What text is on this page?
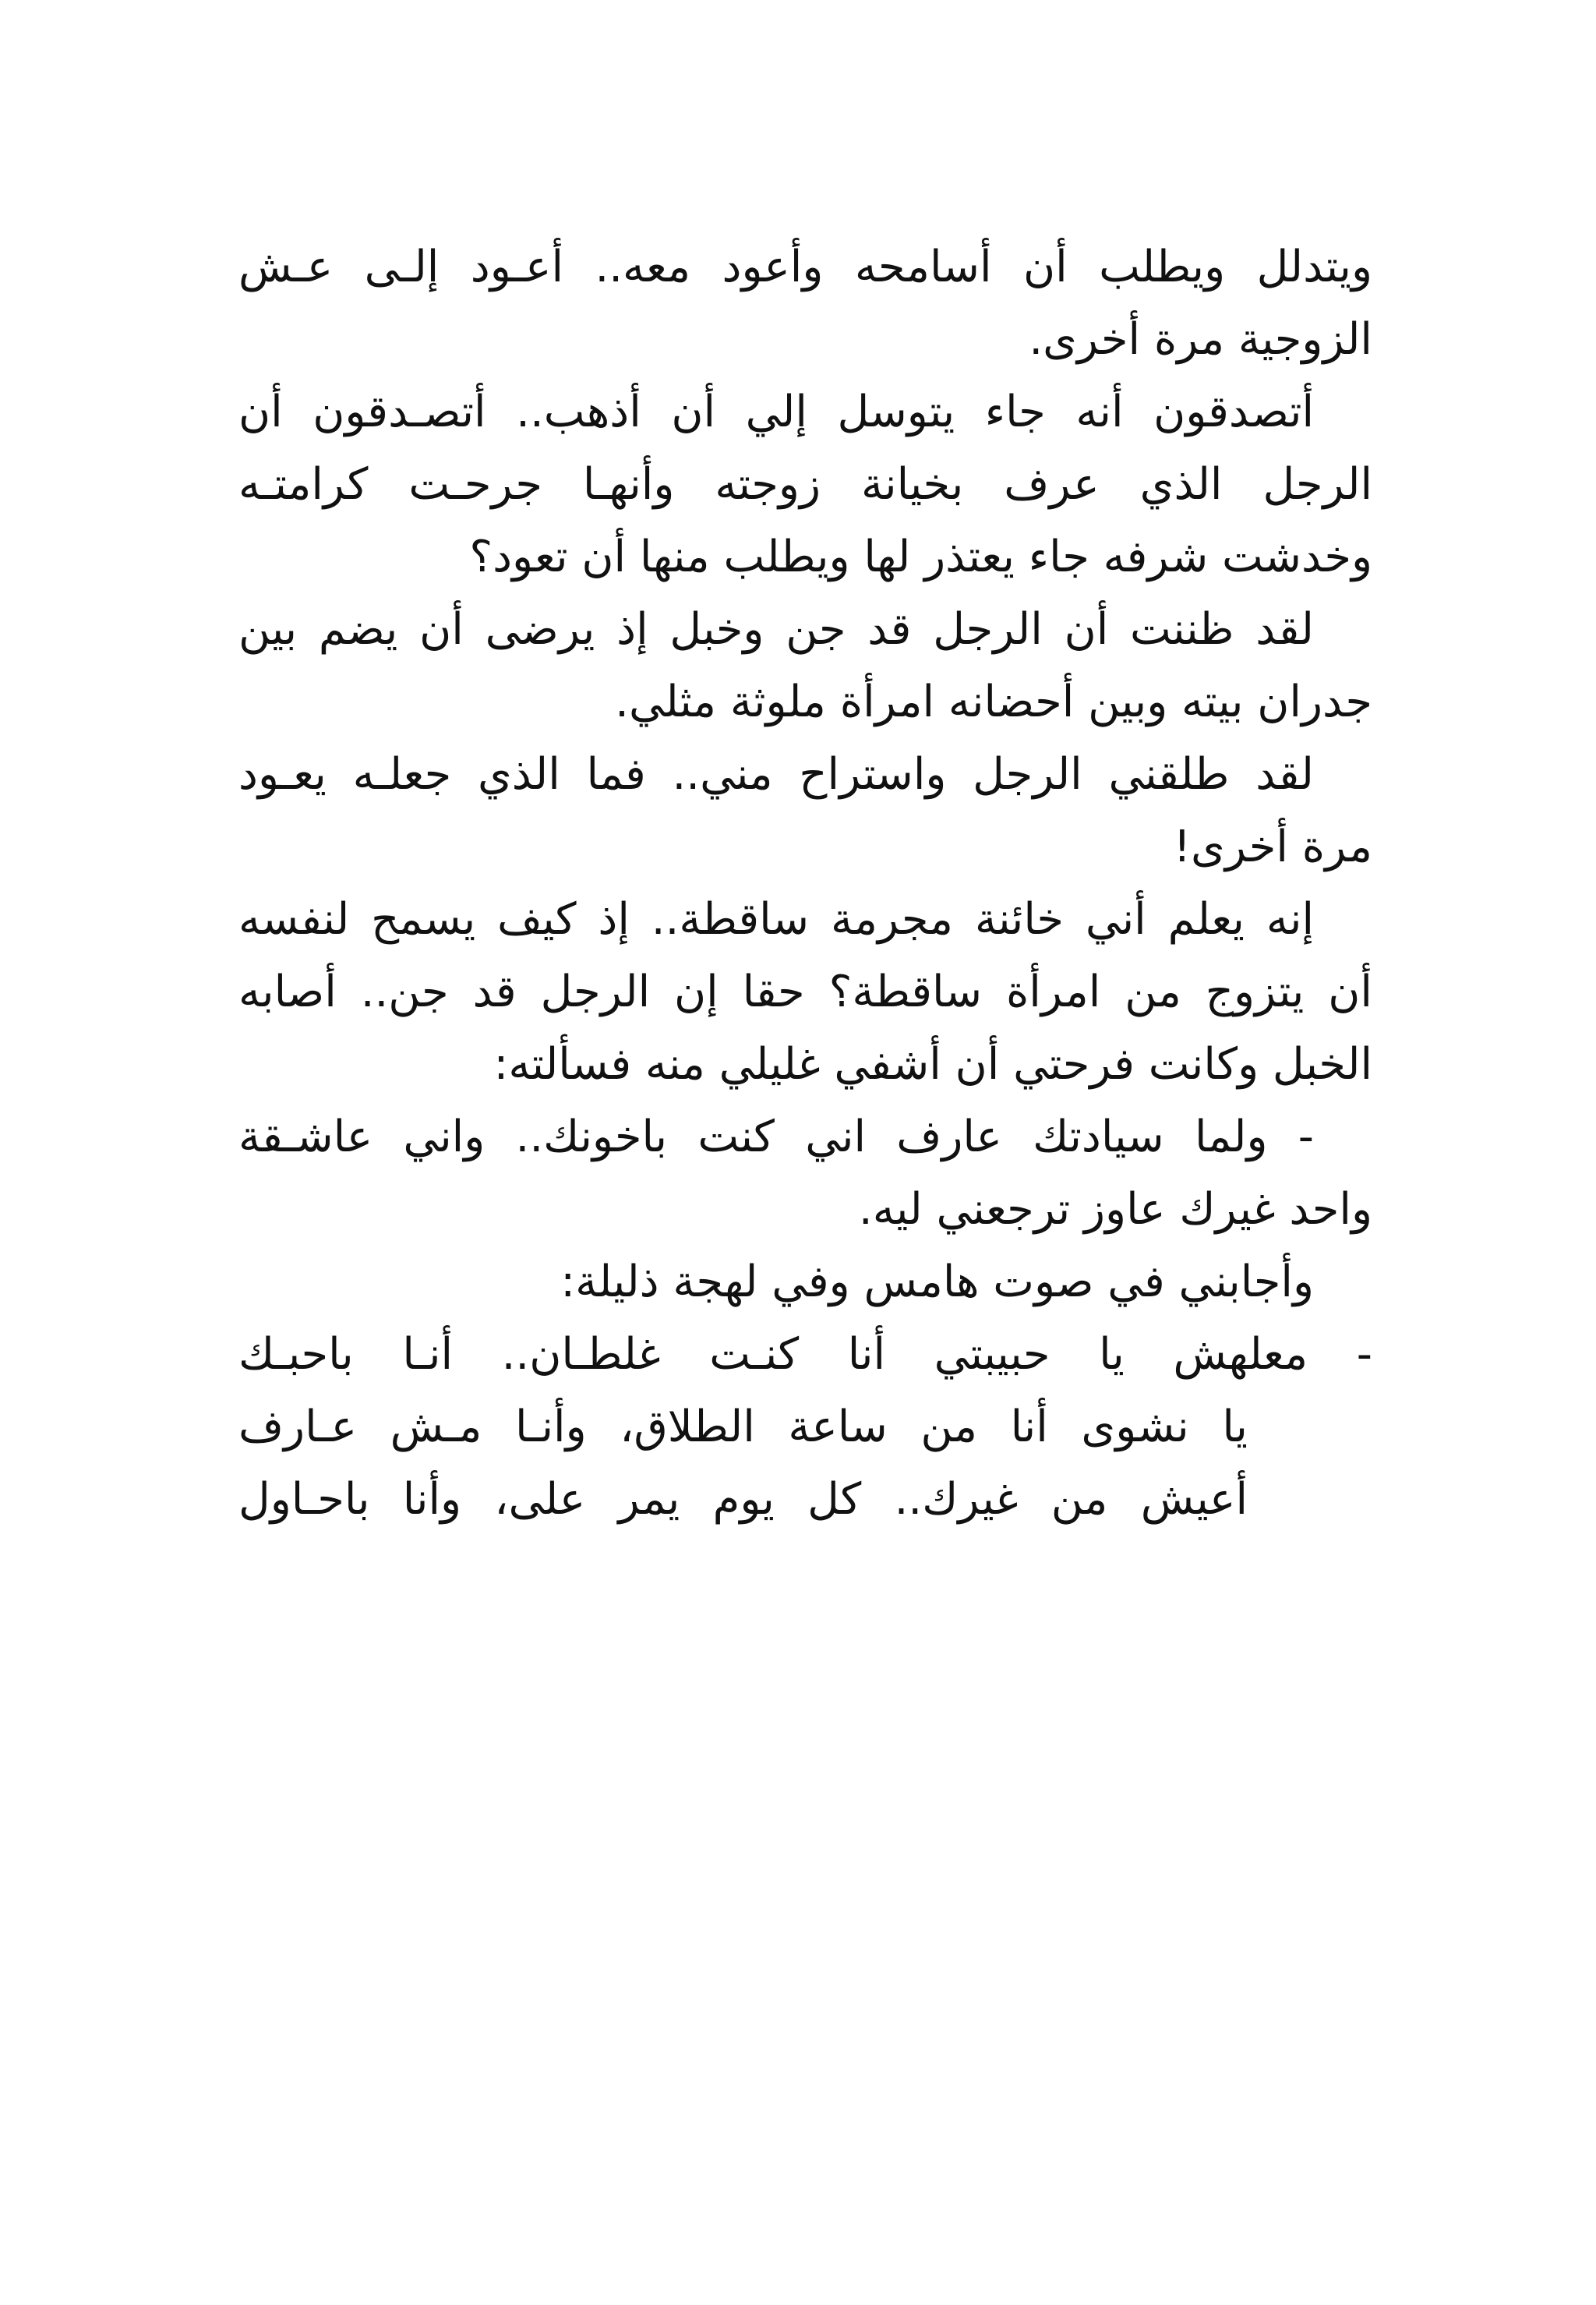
ويتدلل ويطلب أن أسامحه وأعود معه.. أعـود إلـى عـش
الزوجية مرة أخرى.
أتصدقون أنه جاء يتوسل إلي أن أذهب.. أتصـدقون أن
الرجل الذي عرف بخيانة زوجته وأنهـا جرحـت كرامتـه
وخدشت شرفه جاء يعتذر لها ويطلب منها أن تعود؟
لقد ظننت أن الرجل قد جن وخبل إذ يرضى أن يضم بين
جدران بيته وبين أحضانه امرأة ملوثة مثلي.
لقد طلقني الرجل واستراح مني.. فما الذي جعلـه يعـود
مرة أخرى!
إنه يعلم أني خائنة مجرمة ساقطة.. إذ كيف يسمح لنفسه
أن يتزوج من امرأة ساقطة؟ حقا إن الرجل قد جن.. أصابه
الخبل وكانت فرحتي أن أشفي غليلي منه فسألته:
- ولما سيادتك عارف اني كنت باخونك.. واني عاشـقة
واحد غيرك عاوز ترجعني ليه.
وأجابني في صوت هامس وفي لهجة ذليلة:
- معلهش يا حبيبتي أنا كنـت غلطـان.. أنـا باحبـك
يا نشوى أنا من ساعة الطلاق، وأنـا مـش عـارف
أعيش من غيرك.. كل يوم يمر على، وأنا باحـاول
